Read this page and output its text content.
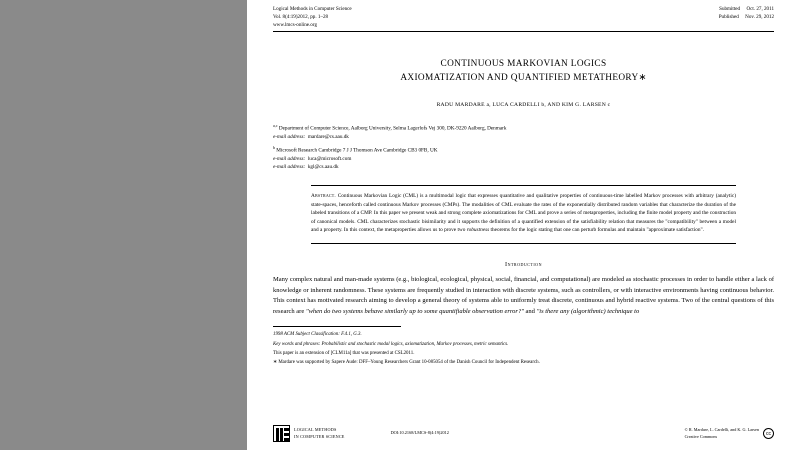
Logical Methods in Computer Science
Vol. 8(4:19)2012, pp. 1–28
www.lmcs-online.org
Submitted Oct. 27, 2011
Published Nov. 29, 2012
CONTINUOUS MARKOVIAN LOGICS
AXIOMATIZATION AND QUANTIFIED METATHEORY∗
RADU MARDARE a, LUCA CARDELLI b, AND KIM G. LARSEN c
$^{a,c}$ Department of Computer Science, Aalborg University, Selma Lagerlofs Vej 300, DK-9220 Aalborg, Denmark
e-mail address: mardare@cs.aau.dk
$^b$ Microsoft Research Cambridge 7 J J Thomson Ave Cambridge CB3 0FB, UK
e-mail address: luca@microsoft.com
e-mail address: kgl@cs.aau.dk
Abstract. Continuous Markovian Logic (CML) is a multimodal logic that expresses quantitative and qualitative properties of continuous-time labelled Markov processes with arbitrary (analytic) state-spaces, henceforth called continuous Markov processes (CMPs). The modalities of CML evaluate the rates of the exponentially distributed random variables that characterize the duration of the labeled transitions of a CMP. In this paper we present weak and strong complete axiomatizations for CML and prove a series of metaproperties, including the finite model property and the construction of canonical models. CML characterizes stochastic bisimilarity and it supports the definition of a quantified extension of the satisfiability relation that measures the "compatibility" between a model and a property. In this context, the metaproperties allows us to prove two robustness theorems for the logic stating that one can perturb formulas and maintain "approximate satisfaction".
Introduction
Many complex natural and man-made systems (e.g., biological, ecological, physical, social, financial, and computational) are modeled as stochastic processes in order to handle either a lack of knowledge or inherent randomness. These systems are frequently studied in interaction with discrete systems, such as controllers, or with interactive environments having continuous behavior. This context has motivated research aiming to develop a general theory of systems able to uniformly treat discrete, continuous and hybrid reactive systems. Two of the central questions of this research are "when do two systems behave similarly up to some quantifiable observation error?" and "is there any (algorithmic) technique to
1998 ACM Subject Classification: F.4.1, G.3.
Key words and phrases: Probabilistic and stochastic modal logics, axiomatization, Markov processes, metric semantics.
This paper is an extension of [CLM11a] that was presented at CSL2011.
∗ Mardare was supported by Sapere Aude: DFF–Young Researchers Grant 10-085054 of the Danish Council for Independent Research.
LOGICAL METHODS
IN COMPUTER SCIENCE
DOI:10.2168/LMCS-8(4:19)2012
© R. Mardare, L. Cardelli, and K. G. Larsen
Creative Commons
cc
